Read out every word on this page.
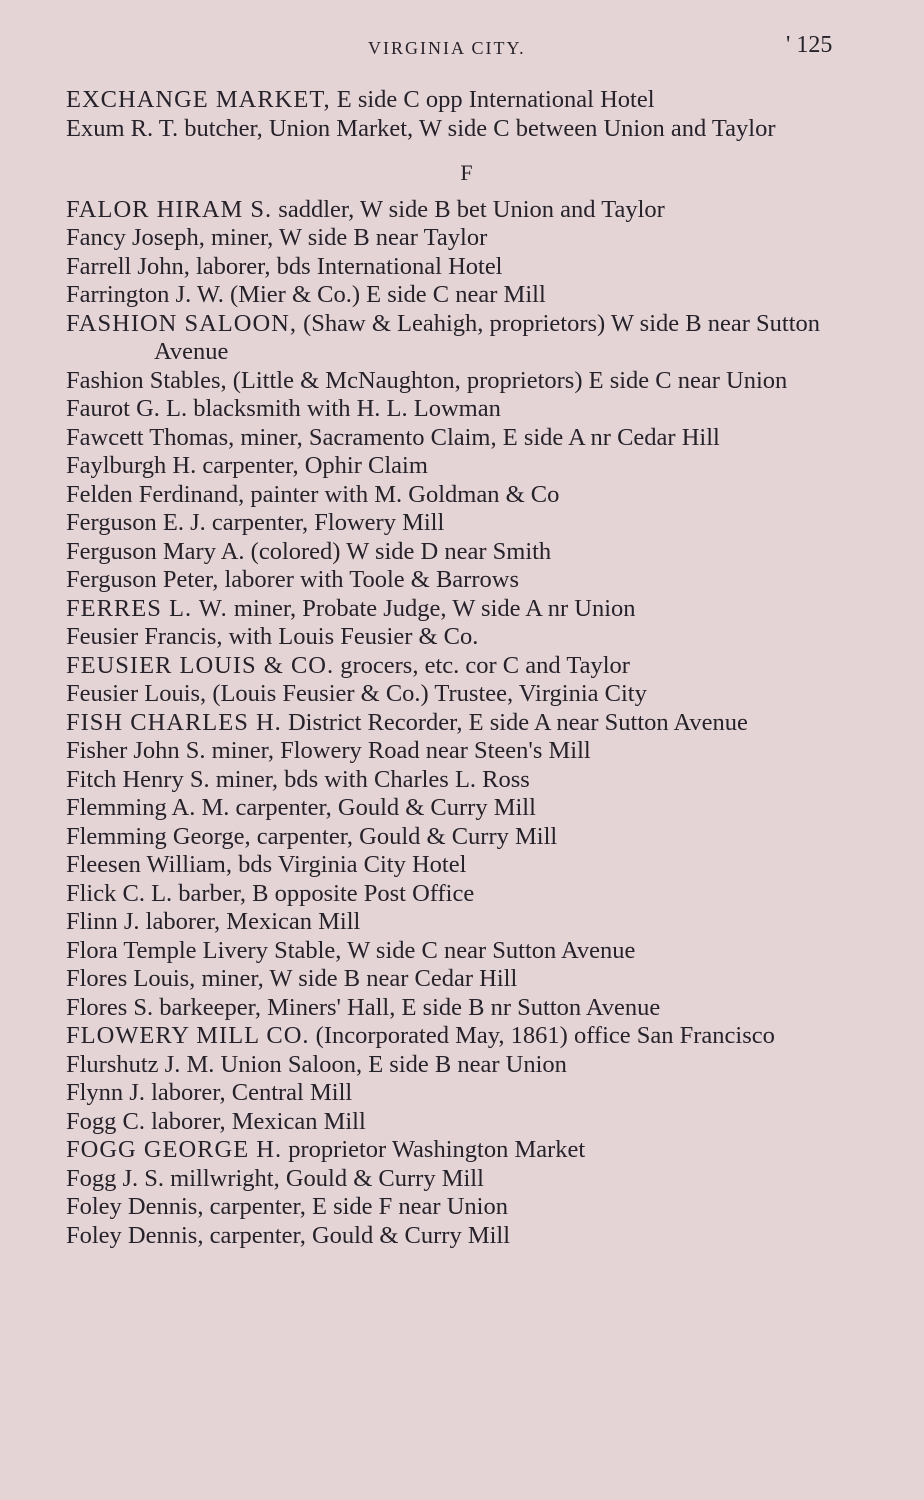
VIRGINIA CITY.	' 125
EXCHANGE MARKET, E side C opp International Hotel
Exum R. T. butcher, Union Market, W side C between Union and Taylor
F
FALOR HIRAM S. saddler, W side B bet Union and Taylor
Fancy Joseph, miner, W side B near Taylor
Farrell John, laborer, bds International Hotel
Farrington J. W. (Mier & Co.) E side C near Mill
FASHION SALOON, (Shaw & Leahigh, proprietors) W side B near Sutton Avenue
Fashion Stables, (Little & McNaughton, proprietors) E side C near Union
Faurot G. L. blacksmith with H. L. Lowman
Fawcett Thomas, miner, Sacramento Claim, E side A nr Cedar Hill
Faylburgh H. carpenter, Ophir Claim
Felden Ferdinand, painter with M. Goldman & Co
Ferguson E. J. carpenter, Flowery Mill
Ferguson Mary A. (colored) W side D near Smith
Ferguson Peter, laborer with Toole & Barrows
FERRES L. W. miner, Probate Judge, W side A nr Union
Feusier Francis, with Louis Feusier & Co.
FEUSIER LOUIS & CO. grocers, etc. cor C and Taylor
Feusier Louis, (Louis Feusier & Co.) Trustee, Virginia City
FISH CHARLES H. District Recorder, E side A near Sutton Avenue
Fisher John S. miner, Flowery Road near Steen's Mill
Fitch Henry S. miner, bds with Charles L. Ross
Flemming A. M. carpenter, Gould & Curry Mill
Flemming George, carpenter, Gould & Curry Mill
Fleesen William, bds Virginia City Hotel
Flick C. L. barber, B opposite Post Office
Flinn J. laborer, Mexican Mill
Flora Temple Livery Stable, W side C near Sutton Avenue
Flores Louis, miner, W side B near Cedar Hill
Flores S. barkeeper, Miners' Hall, E side B nr Sutton Avenue
FLOWERY MILL CO. (Incorporated May, 1861) office San Francisco
Flurshutz J. M. Union Saloon, E side B near Union
Flynn J. laborer, Central Mill
Fogg C. laborer, Mexican Mill
FOGG GEORGE H. proprietor Washington Market
Fogg J. S. millwright, Gould & Curry Mill
Foley Dennis, carpenter, E side F near Union
Foley Dennis, carpenter, Gould & Curry Mill
